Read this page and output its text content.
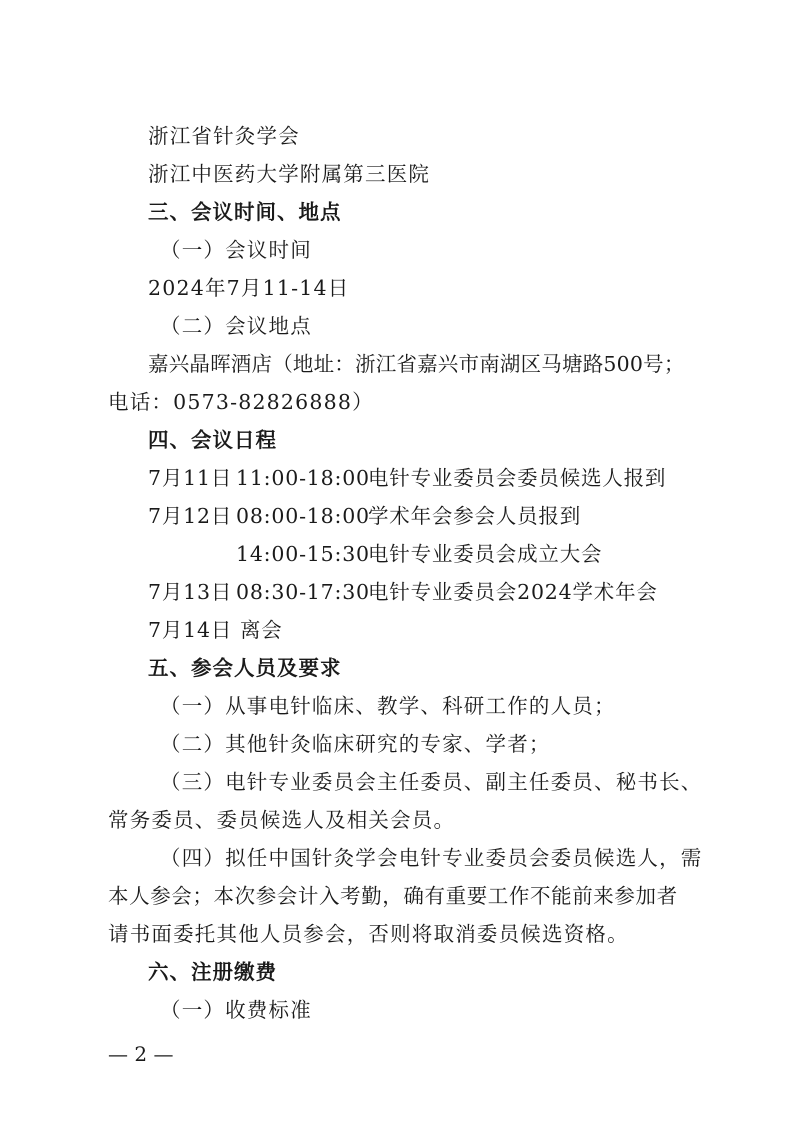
浙江省针灸学会
浙江中医药大学附属第三医院
三、会议时间、地点
（一）会议时间
2024年7月11-14日
（二）会议地点
嘉兴晶晖酒店（地址：浙江省嘉兴市南湖区马塘路500号；
电话：0573-82826888）
四、会议日程
7月11日 11:00-18:00
电针专业委员会委员候选人报到
7月12日 08:00-18:00
学术年会参会人员报到
14:00-15:30
电针专业委员会成立大会
7月13日 08:30-17:30
电针专业委员会2024学术年会
7月14日 离会
五、参会人员及要求
（一）从事电针临床、教学、科研工作的人员；
（二）其他针灸临床研究的专家、学者；
（三）电针专业委员会主任委员、副主任委员、秘书长、
常务委员、委员候选人及相关会员。
（四）拟任中国针灸学会电针专业委员会委员候选人，需
本人参会；本次参会计入考勤，确有重要工作不能前来参加者
请书面委托其他人员参会，否则将取消委员候选资格。
六、注册缴费
（一）收费标准
— 2 —
